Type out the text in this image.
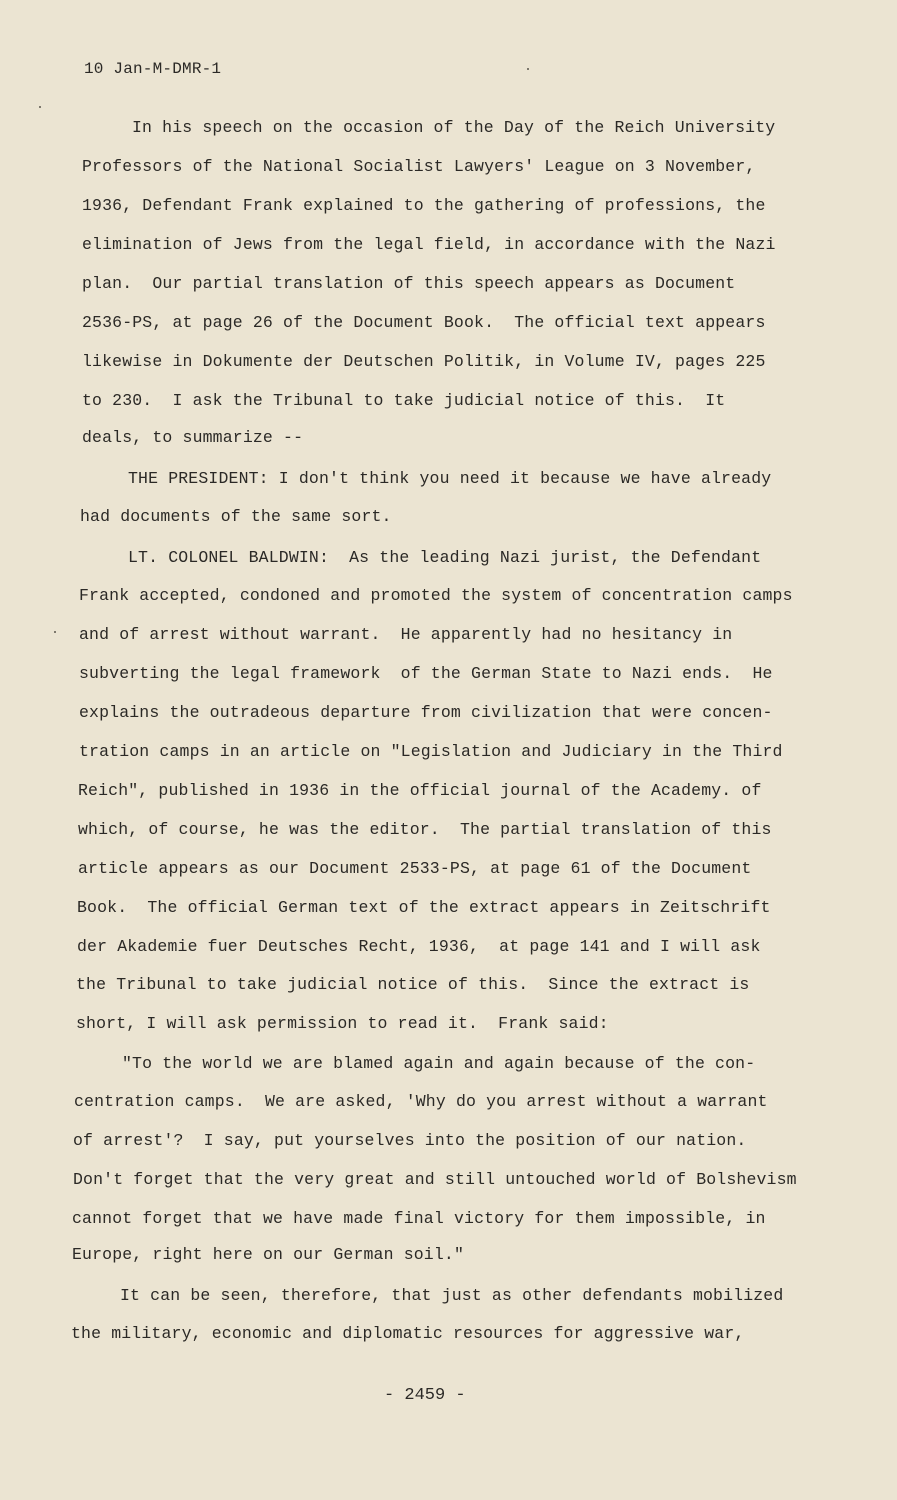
10 Jan-M-DMR-1
In his speech on the occasion of the Day of the Reich University
Professors of the National Socialist Lawyers' League on 3 November,
1936, Defendant Frank explained to the gathering of professions, the
elimination of Jews from the legal field, in accordance with the Nazi
plan.  Our partial translation of this speech appears as Document
2536-PS, at page 26 of the Document Book.  The official text appears
likewise in Dokumente der Deutschen Politik, in Volume IV, pages 225
to 230.  I ask the Tribunal to take judicial notice of this.  It
deals, to summarize --
THE PRESIDENT: I don't think you need it because we have already
had documents of the same sort.
LT. COLONEL BALDWIN:  As the leading Nazi jurist, the Defendant
Frank accepted, condoned and promoted the system of concentration camps
and of arrest without warrant.  He apparently had no hesitancy in
subverting the legal framework  of the German State to Nazi ends.  He
explains the outradeous departure from civilization that were concen-
tration camps in an article on "Legislation and Judiciary in the Third
Reich", published in 1936 in the official journal of the Academy. of
which, of course, he was the editor.  The partial translation of this
article appears as our Document 2533-PS, at page 61 of the Document
Book.  The official German text of the extract appears in Zeitschrift
der Akademie fuer Deutsches Recht, 1936,  at page 141 and I will ask
the Tribunal to take judicial notice of this.  Since the extract is
short, I will ask permission to read it.  Frank said:
"To the world we are blamed again and again because of the con-
centration camps.  We are asked, 'Why do you arrest without a warrant
of arrest'?  I say, put yourselves into the position of our nation.
Don't forget that the very great and still untouched world of Bolshevism
cannot forget that we have made final victory for them impossible, in
Europe, right here on our German soil."
It can be seen, therefore, that just as other defendants mobilized
the military, economic and diplomatic resources for aggressive war,
- 2459 -
